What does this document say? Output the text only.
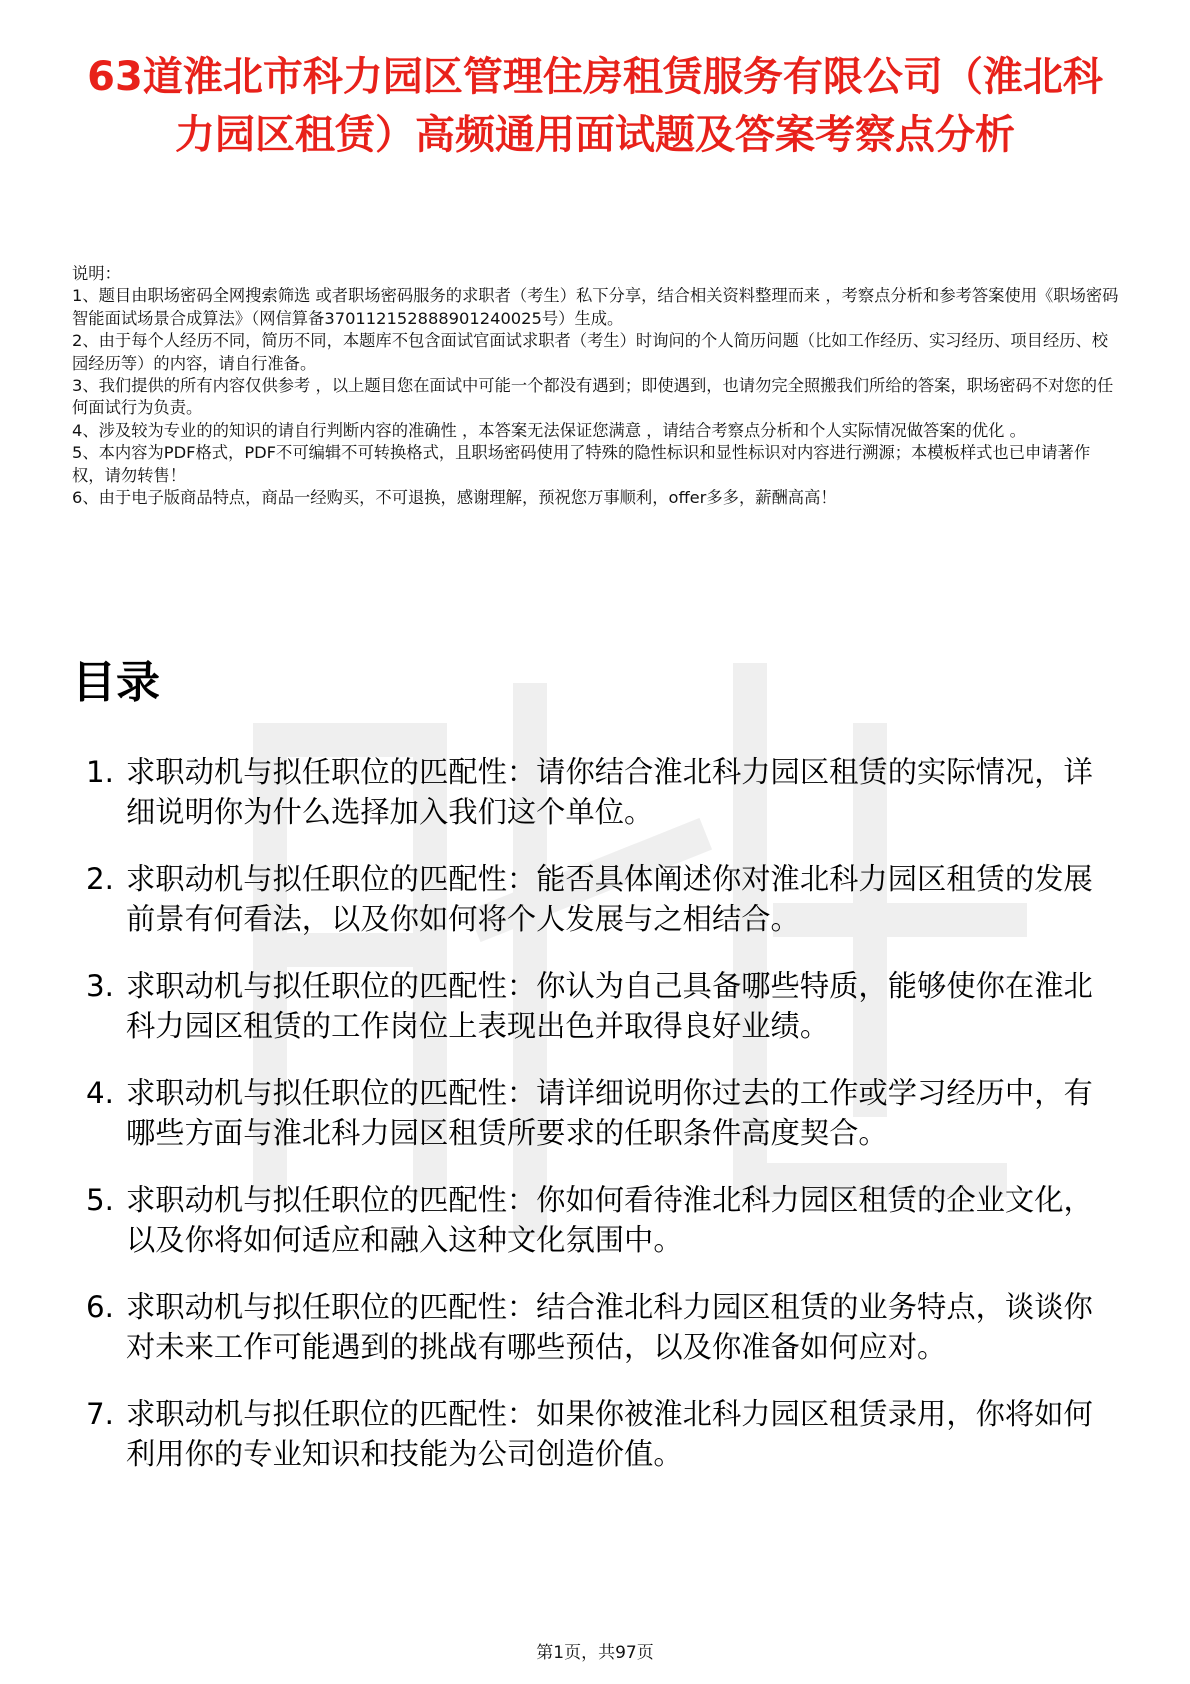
63道淮北市科力园区管理住房租赁服务有限公司（淮北科力园区租赁）高频通用面试题及答案考察点分析

说明：

1、题目由职场密码全网搜索筛选 或者职场密码服务的求职者（考生）私下分享，结合相关资料整理而来 ，考察点分析和参考答案使用《职场密码智能面试场景合成算法》（网信算备370112152888901240025号）生成。

2、由于每个人经历不同，简历不同，本题库不包含面试官面试求职者（考生）时询问的个人简历问题（比如工作经历、实习经历、项目经历、校园经历等）的内容，请自行准备。

3、我们提供的所有内容仅供参考 ，以上题目您在面试中可能一个都没有遇到；即使遇到，也请勿完全照搬我们所给的答案，职场密码不对您的任何面试行为负责。

4、涉及较为专业的的知识的请自行判断内容的准确性 ，本答案无法保证您满意 ，请结合考察点分析和个人实际情况做答案的优化 。

5、本内容为PDF格式，PDF不可编辑不可转换格式，且职场密码使用了特殊的隐性标识和显性标识对内容进行溯源；本模板样式也已申请著作权，请勿转售！

6、由于电子版商品特点，商品一经购买，不可退换，感谢理解，预祝您万事顺利，offer多多，薪酬高高！

目录
1. 求职动机与拟任职位的匹配性：请你结合淮北科力园区租赁的实际情况，详细说明你为什么选择加入我们这个单位。
2. 求职动机与拟任职位的匹配性：能否具体阐述你对淮北科力园区租赁的发展前景有何看法，以及你如何将个人发展与之相结合。
3. 求职动机与拟任职位的匹配性：你认为自己具备哪些特质，能够使你在淮北科力园区租赁的工作岗位上表现出色并取得良好业绩。
4. 求职动机与拟任职位的匹配性：请详细说明你过去的工作或学习经历中，有哪些方面与淮北科力园区租赁所要求的任职条件高度契合。
5. 求职动机与拟任职位的匹配性：你如何看待淮北科力园区租赁的企业文化，以及你将如何适应和融入这种文化氛围中。
6. 求职动机与拟任职位的匹配性：结合淮北科力园区租赁的业务特点，谈谈你对未来工作可能遇到的挑战有哪些预估，以及你准备如何应对。
7. 求职动机与拟任职位的匹配性：如果你被淮北科力园区租赁录用，你将如何利用你的专业知识和技能为公司创造价值。
第1页，共97页
